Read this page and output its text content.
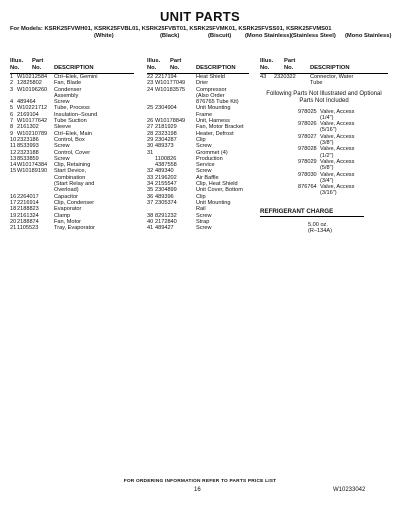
UNIT PARTS
For Models: KSRK25FVWH01, KSRK25FVBL01, KSRK25FVBT01, KSRK25FVMK01, KSRK25FVSS01, KSRK25FVMS01
(White)	(Black)	(Biscuit) (Mono Stainless) (Stainless Steel) (Mono Stainless)
Illus.
No.
Part
No. DESCRIPTION
1 W10212584 Ctrl–Elek, Gemini
2 12825802 Fan, Blade
3 W10196260 Condenser
Assembly
4 489464	Screw
5 W10221712 Tube, Process
6 2169104	Insulation–Sound
7 W10177642 Tube Suction
8 2161302	Sleeve
9 W10210789 Ctrl–Elek, Main
10 2323186	Control, Box
11 8533993	Screw
12 2323188	Control, Cover
13 8533859	Screw
14 W10174384 Clip, Retaining
15 W10189190 Start Device,
Combination
(Start Relay and
Overload)
16 2264017	Capacitor
17 2216914	Clip, Condenser
18 2188823	Evaporator
19 2161324	Clamp
20 2188874	Fan, Motor
21 1105523	Tray, Evaporator
Illus.
No.
Part
No.	DESCRIPTION
22 2217194	Heat Shield
23 W10177049 Drier
24 W10183575 Compressor
(Also Order
876765 Tube Kit)
25 2304904	Unit Mounting
Frame
26 W10178849 Unit, Harness
27 2181929	Fan, Motor Bracket
28 2323198	Heater, Defrost
29 2304287	Clip
30 489373	Screw
31	Grommet (4)
1100826	Production
4387558	Service
32 489340	Screw
33 2196202	Air Baffle
34 2155547	Clip, Heat Shield
35 2304899	Unit Cover, Bottom
36 489396	Clip
37 2305374	Unit Mounting
Rail
38 8291232	Screw
40 2172840	Strap
41 489427	Screw
Illus.
No.
Part
No.	DESCRIPTION
43 2320322	Connector, Water
Tube
Following Parts Not Illustrated and Optional Parts Not Included
978025 Valve, Access
(1/4")
978026 Valve, Access
(5/16")
978027 Valve, Access
(3/8")
978028 Valve, Access
(1/2")
978029 Valve, Access
(5/8")
978030 Valve, Access
(3/4")
876764 Valve, Access
(3/16")
REFRIGERANT CHARGE
5.00 oz.
(R–134A)
FOR ORDERING INFORMATION REFER TO PARTS PRICE LIST
16	W10233042
